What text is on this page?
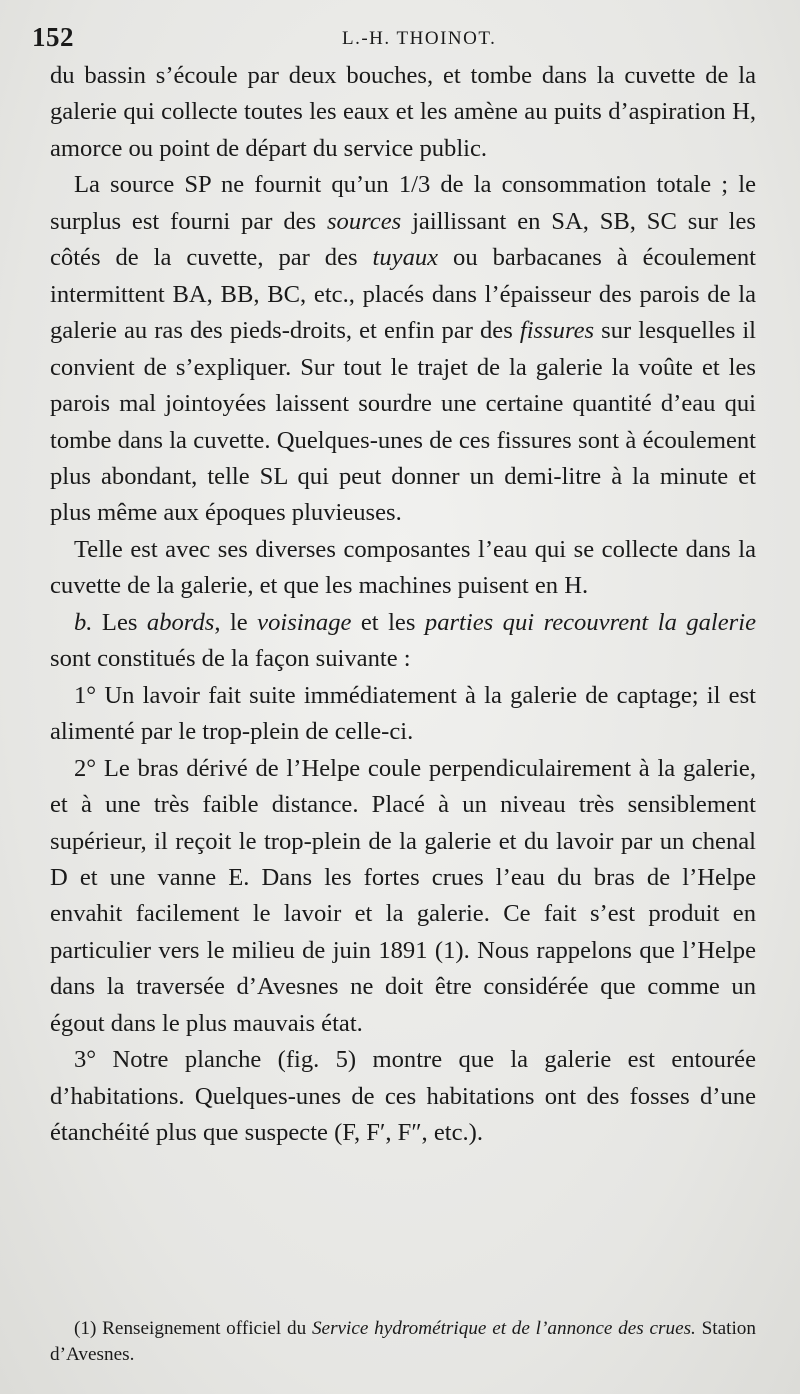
152	L.-H. THOINOT.

du bassin s’écoule par deux bouches, et tombe dans la cuvette de la galerie qui collecte toutes les eaux et les amène au puits d’aspiration H, amorce ou point de départ du service public.

La source SP ne fournit qu’un 1/3 de la consommation totale ; le surplus est fourni par des sources jaillissant en SA, SB, SC sur les côtés de la cuvette, par des tuyaux ou barbacanes à écoulement intermittent BA, BB, BC, etc., placés dans l’épaisseur des parois de la galerie au ras des pieds-droits, et enfin par des fissures sur lesquelles il convient de s’expliquer. Sur tout le trajet de la galerie la voûte et les parois mal jointoyées laissent sourdre une certaine quantité d’eau qui tombe dans la cuvette. Quelques-unes de ces fissures sont à écoulement plus abondant, telle SL qui peut donner un demi-litre à la minute et plus même aux époques pluvieuses.

Telle est avec ses diverses composantes l’eau qui se collecte dans la cuvette de la galerie, et que les machines puisent en H.

b. Les abords, le voisinage et les parties qui recouvrent la galerie sont constitués de la façon suivante :

1° Un lavoir fait suite immédiatement à la galerie de captage; il est alimenté par le trop-plein de celle-ci.

2° Le bras dérivé de l’Helpe coule perpendiculairement à la galerie, et à une très faible distance. Placé à un niveau très sensiblement supérieur, il reçoit le trop-plein de la galerie et du lavoir par un chenal D et une vanne E. Dans les fortes crues l’eau du bras de l’Helpe envahit facilement le lavoir et la galerie. Ce fait s’est produit en particulier vers le milieu de juin 1891 (1). Nous rappelons que l’Helpe dans la traversée d’Avesnes ne doit être considérée que comme un égout dans le plus mauvais état.

3° Notre planche (fig. 5) montre que la galerie est entourée d’habitations. Quelques-unes de ces habitations ont des fosses d’une étanchéité plus que suspecte (F, F′, F″, etc.).

(1) Renseignement officiel du Service hydrométrique et de l’annonce des crues. Station d’Avesnes.
